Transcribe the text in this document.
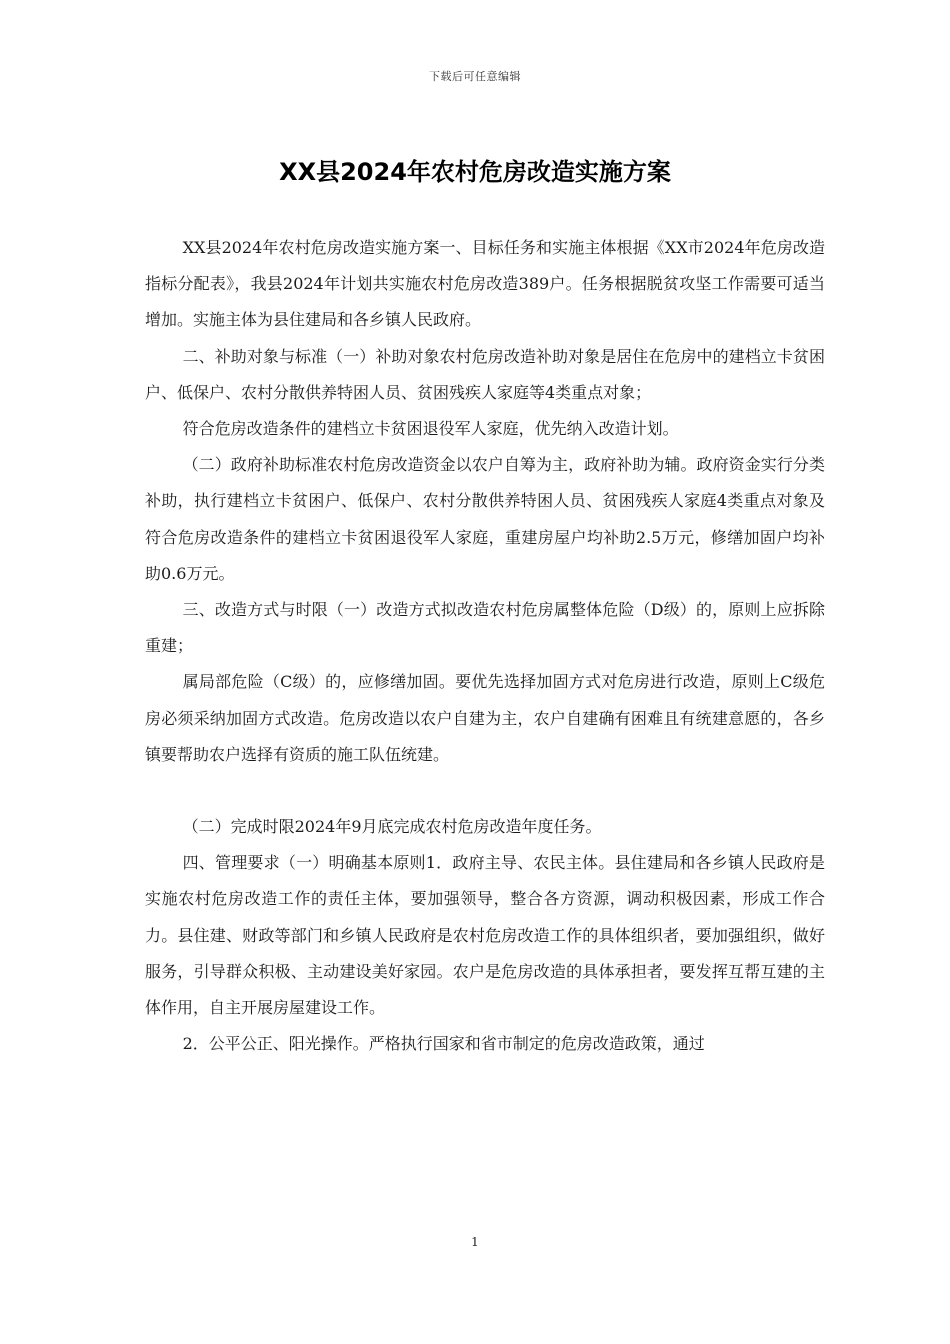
下载后可任意编辑
XX县2024年农村危房改造实施方案

XX县2024年农村危房改造实施方案一、目标任务和实施主体根据《XX市2024年危房改造指标分配表》，我县2024年计划共实施农村危房改造389户。任务根据脱贫攻坚工作需要可适当增加。实施主体为县住建局和各乡镇人民政府。

二、补助对象与标准（一）补助对象农村危房改造补助对象是居住在危房中的建档立卡贫困户、低保户、农村分散供养特困人员、贫困残疾人家庭等4类重点对象；

符合危房改造条件的建档立卡贫困退役军人家庭，优先纳入改造计划。

（二）政府补助标准农村危房改造资金以农户自筹为主，政府补助为辅。政府资金实行分类补助，执行建档立卡贫困户、低保户、农村分散供养特困人员、贫困残疾人家庭4类重点对象及符合危房改造条件的建档立卡贫困退役军人家庭，重建房屋户均补助2.5万元，修缮加固户均补助0.6万元。

三、改造方式与时限（一）改造方式拟改造农村危房属整体危险（D级）的，原则上应拆除重建；

属局部危险（C级）的，应修缮加固。要优先选择加固方式对危房进行改造，原则上C级危房必须采纳加固方式改造。危房改造以农户自建为主，农户自建确有困难且有统建意愿的，各乡镇要帮助农户选择有资质的施工队伍统建。

（二）完成时限2024年9月底完成农村危房改造年度任务。

四、管理要求（一）明确基本原则1．政府主导、农民主体。县住建局和各乡镇人民政府是实施农村危房改造工作的责任主体，要加强领导，整合各方资源，调动积极因素，形成工作合力。县住建、财政等部门和乡镇人民政府是农村危房改造工作的具体组织者，要加强组织，做好服务，引导群众积极、主动建设美好家园。农户是危房改造的具体承担者，要发挥互帮互建的主体作用，自主开展房屋建设工作。

2．公平公正、阳光操作。严格执行国家和省市制定的危房改造政策，通过

1
